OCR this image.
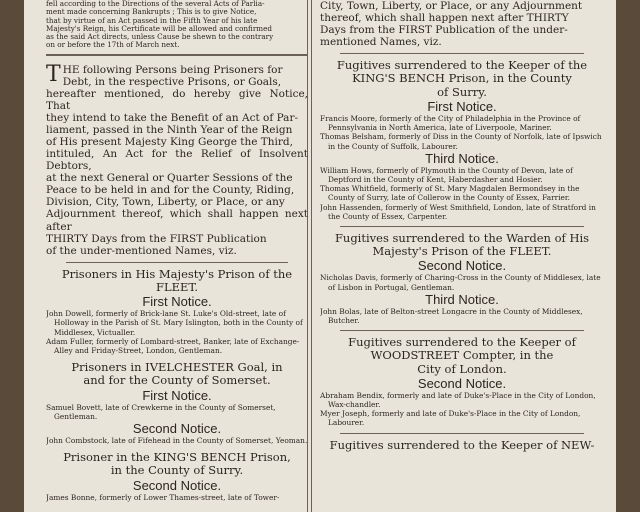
fell according to the Directions of the several Acts of Parlia-

ment made concerning Bankrupts ; This is to give Notice,

that by virtue of an Act passed in the Fifth Year of his late

Majesty's Reign, his Certificate will be allowed and confirmed

as the said Act directs, unless Cause be shewn to the contrary

on or before the 17th of March next.

T HE following Persons being Prisoners for

Debt, in the respective Prisons, or Goals,

hereafter mentioned, do hereby give Notice, That

they intend to take the Benefit of an Act of Par-

liament, passed in the Ninth Year of the Reign

of His present Majesty King George the Third,

intituled, An Act for the Relief of Insolvent Debtors,

at the next General or Quarter Sessions of the

Peace to be held in and for the County, Riding,

Division, City, Town, Liberty, or Place, or any

Adjournment thereof, which shall happen next after

THIRTY Days from the FIRST Publication

of the under-mentioned Names, viz.

Prisoners in His Majesty's Prison of the

FLEET.

First Notice.

John Dowell, formerly of Brick-lane St. Luke's Old-street, late of Holloway in the Parish of St. Mary Islington, both in the County of Middlesex, Victualler.

Adam Fuller, formerly of Lombard-street, Banker, late of Exchange-Alley and Friday-Street, London, Gentleman.

Prisoners in IVELCHESTER Goal, in

and for the County of Somerset.

First Notice.

Samuel Bovett, late of Crewkerne in the County of Somerset, Gentleman.

Second Notice.

John Combstock, late of Fifehead in the County of Somerset, Yeoman.

Prisoner in the KING'S BENCH Prison,

in the County of Surry.

Second Notice.

James Bonne, formerly of Lower Thames-street, late of Tower-

City, Town, Liberty, or Place, or any Adjournment

thereof, which shall happen next after THIRTY

Days from the FIRST Publication of the under-

mentioned Names, viz.

Fugitives surrendered to the Keeper of the

KING'S BENCH Prison, in the County

of Surry.

First Notice.

Francis Moore, formerly of the City of Philadelphia in the Province of Pennsylvania in North America, late of Liverpoole, Mariner.

Thomas Belsham, formerly of Diss in the County of Norfolk, late of Ipswich in the County of Suffolk, Labourer.

Third Notice.

William Hows, formerly of Plymouth in the County of Devon, late of Deptford in the County of Kent, Haberdasher and Hosier.

Thomas Whitfield, formerly of St. Mary Magdalen Bermondsey in the County of Surry, late of Collerow in the County of Essex, Farrier.

John Hassenden, formerly of West Smithfield, London, late of Stratford in the County of Essex, Carpenter.

Fugitives surrendered to the Warden of His

Majesty's Prison of the FLEET.

Second Notice.

Nicholas Davis, formerly of Charing-Cross in the County of Middlesex, late of Lisbon in Portugal, Gentleman.

Third Notice.

John Bolas, late of Belton-street Longacre in the County of Middlesex, Butcher.

Fugitives surrendered to the Keeper of

WOODSTREET Compter, in the

City of London.

Second Notice.

Abraham Bendix, formerly and late of Duke's-Place in the City of London, Wax-chandler.

Myer Joseph, formerly and late of Duke's-Place in the City of London, Labourer.

Fugitives surrendered to the Keeper of NEW-
